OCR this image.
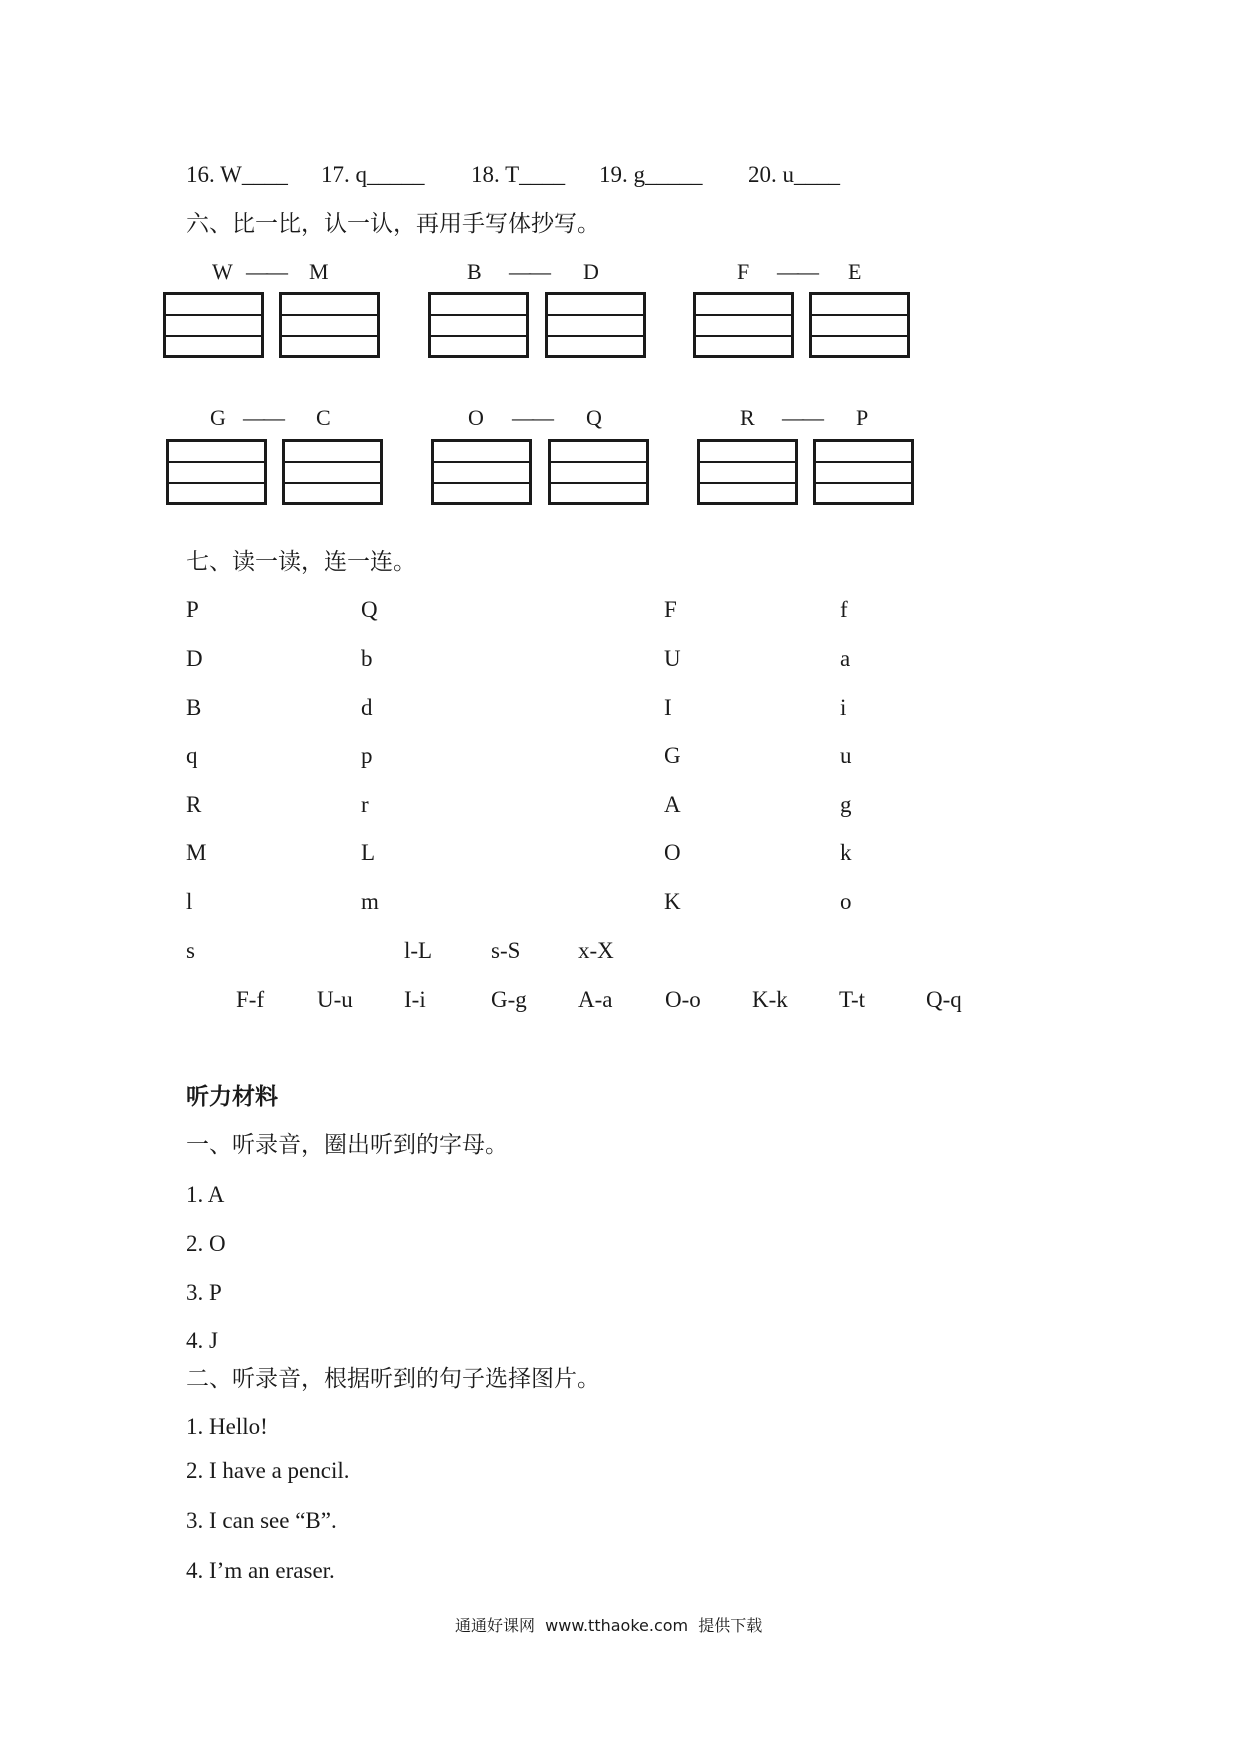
16. W____ 17. q_____ 18. T____ 19. g_____ 20. u____
六、比一比，认一认，再用手写体抄写。
W —— M	B —— D	F —— E
G —— C	O —— Q	R —— P
七、读一读，连一连。
P	Q	F	f
D	b	U	a
B	d	I	i
q	p	G	u
R	r	A	g
M	L	O	k
l	m	K	o
s	l-L	s-S	x-X
F-f U-u I-i	G-g A-a O-o K-k T-t	Q-q
听力材料
一、听录音，圈出听到的字母。
1. A
2. O
3. P
4. J
二、听录音，根据听到的句子选择图片。
1. Hello!
2. I have a pencil.
3. I can see “B”.
4. I’m an eraser.
通通好课网  www.tthaoke.com  提供下载
